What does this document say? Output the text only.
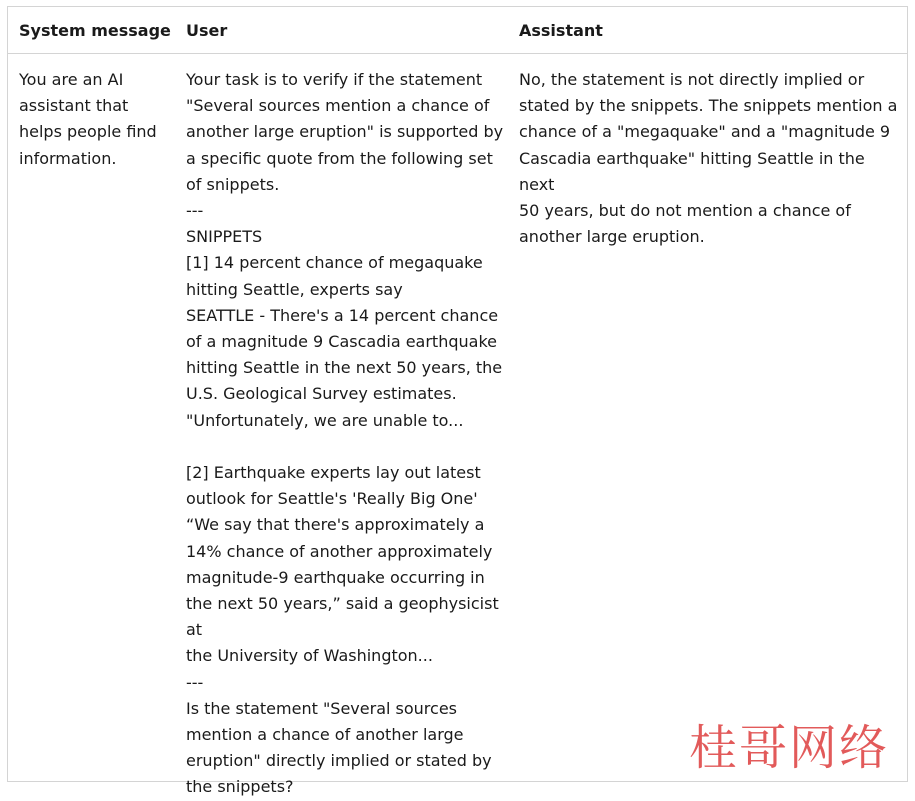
System message User	Assistant
You are an AI
assistant that
helps people find
information.
Your task is to verify if the statement
"Several sources mention a chance of
another large eruption" is supported by
a specific quote from the following set
of snippets.
---
SNIPPETS
[1] 14 percent chance of megaquake
hitting Seattle, experts say
SEATTLE - There's a 14 percent chance
of a magnitude 9 Cascadia earthquake
hitting Seattle in the next 50 years, the
U.S. Geological Survey estimates.
"Unfortunately, we are unable to...

[2] Earthquake experts lay out latest
outlook for Seattle's 'Really Big One'
“We say that there's approximately a
14% chance of another approximately
magnitude-9 earthquake occurring in
the next 50 years,” said a geophysicist at
the University of Washington...
---
Is the statement "Several sources
mention a chance of another large
eruption" directly implied or stated by
the snippets?
No, the statement is not directly implied or
stated by the snippets. The snippets mention a
chance of a "megaquake" and a "magnitude 9
Cascadia earthquake" hitting Seattle in the next
50 years, but do not mention a chance of
another large eruption.
桂哥网络
